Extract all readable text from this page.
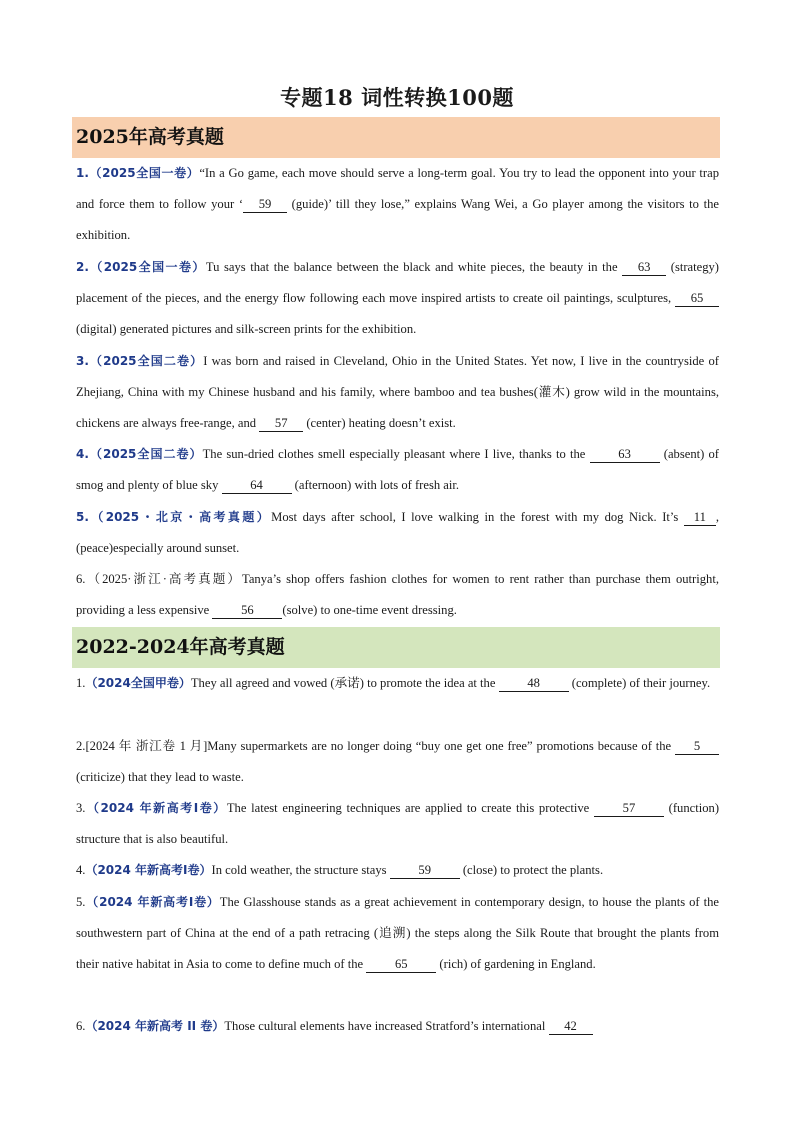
专题18 词性转换100题
2025年高考真题

1.（2025全国一卷）“In a Go game, each move should serve a long-term goal. You try to lead the opponent into your trap and force them to follow your ‘ 59 (guide)’ till they lose,” explains Wang Wei, a Go player among the visitors to the exhibition.

2.（2025全国一卷）Tu says that the balance between the black and white pieces, the beauty in the 63 (strategy) placement of the pieces, and the energy flow following each move inspired artists to create oil paintings, sculptures, 65 (digital) generated pictures and silk-screen prints for the exhibition.

3.（2025全国二卷）I was born and raised in Cleveland, Ohio in the United States. Yet now, I live in the countryside of Zhejiang, China with my Chinese husband and his family, where bamboo and tea bushes(灌木) grow wild in the mountains, chickens are always free-range, and 57 (center) heating doesn’t exist.

4.（2025全国二卷）The sun-dried clothes smell especially pleasant where I live, thanks to the 63 (absent) of smog and plenty of blue sky 64 (afternoon) with lots of fresh air.

5.（2025・北京・高考真题）Most days after school, I love walking in the forest with my dog Nick. It’s 11 , (peace)especially around sunset.

6.（2025·浙江·高考真题）Tanya’s shop offers fashion clothes for women to rent rather than purchase them outright, providing a less expensive 56 (solve) to one-time event dressing.

2022-2024年高考真题

1.（2024全国甲卷）They all agreed and vowed (承诺) to promote the idea at the 48 (complete) of their journey.

2.[2024 年 浙江卷 1 月]Many supermarkets are no longer doing “buy one get one free” promotions because of the 5 (criticize) that they lead to waste.

3.（2024 年新高考Ⅰ卷）The latest engineering techniques are applied to create this protective 57 (function) structure that is also beautiful.

4.（2024 年新高考Ⅰ卷）In cold weather, the structure stays 59 (close) to protect the plants.

5.（2024 年新高考Ⅰ卷）The Glasshouse stands as a great achievement in contemporary design, to house the plants of the southwestern part of China at the end of a path retracing (追溯) the steps along the Silk Route that brought the plants from their native habitat in Asia to come to define much of the 65 (rich) of gardening in England.

6.（2024 年新高考 II 卷）Those cultural elements have increased Stratford’s international 42
